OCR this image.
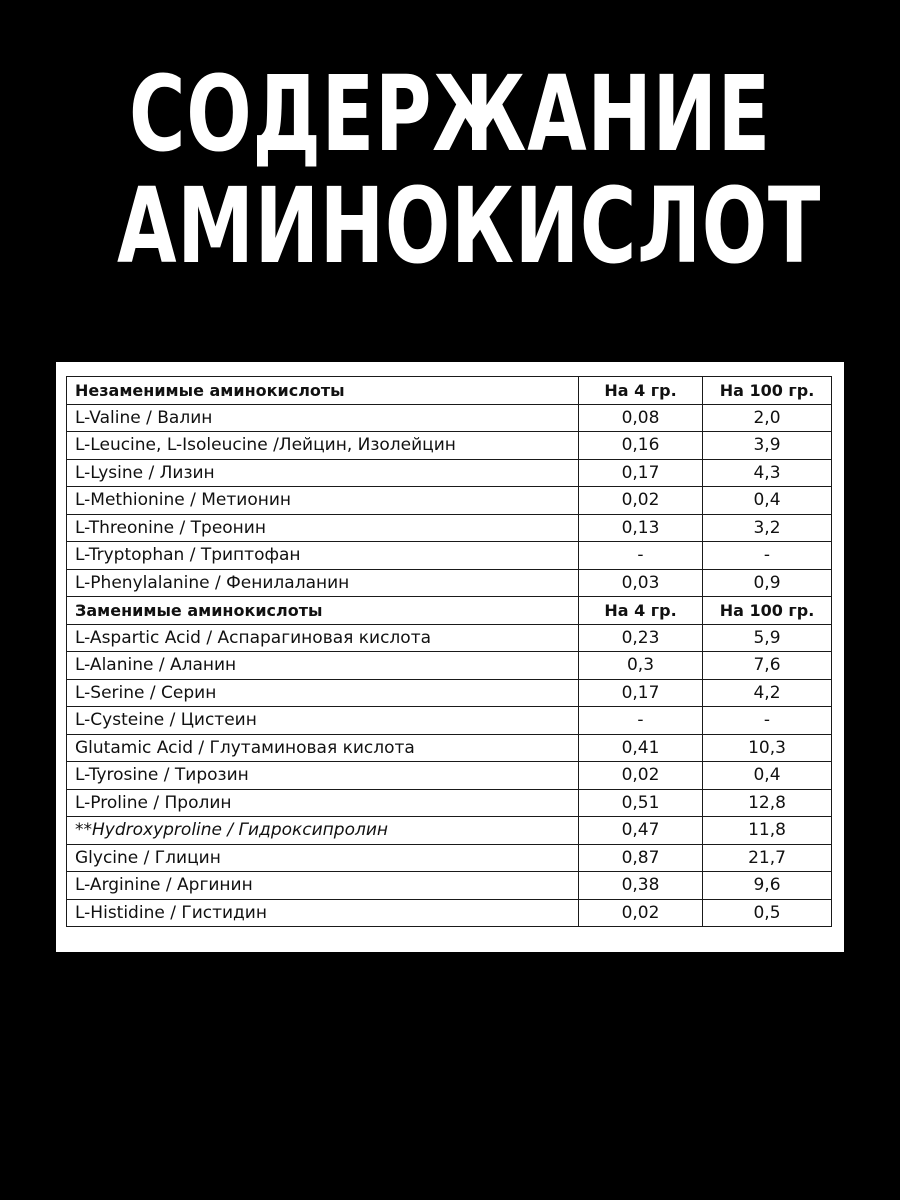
СОДЕРЖАНИЕ
АМИНОКИСЛОТ
Незаменимые аминокислоты	На 4 гр.	На 100 гр.
L-Valine / Валин	0,08	2,0
L-Leucine, L-Isoleucine /Лейцин, Изолейцин	0,16	3,9
L-Lysine / Лизин	0,17	4,3
L-Methionine / Метионин	0,02	0,4
L-Threonine / Треонин	0,13	3,2
L-Tryptophan / Триптофан	-	-
L-Phenylalanine / Фенилаланин	0,03	0,9
Заменимые аминокислоты	На 4 гр.	На 100 гр.
L-Aspartic Acid / Аспарагиновая кислота	0,23	5,9
L-Alanine / Аланин	0,3	7,6
L-Serine / Серин	0,17	4,2
L-Cysteine / Цистеин	-	-
Glutamic Acid / Глутаминовая кислота	0,41	10,3
L-Tyrosine / Тирозин	0,02	0,4
L-Proline / Пролин	0,51	12,8
**Hydroxyproline / Гидроксипролин	0,47	11,8
Glycine / Глицин	0,87	21,7
L-Arginine / Аргинин	0,38	9,6
L-Histidine / Гистидин	0,02	0,5
